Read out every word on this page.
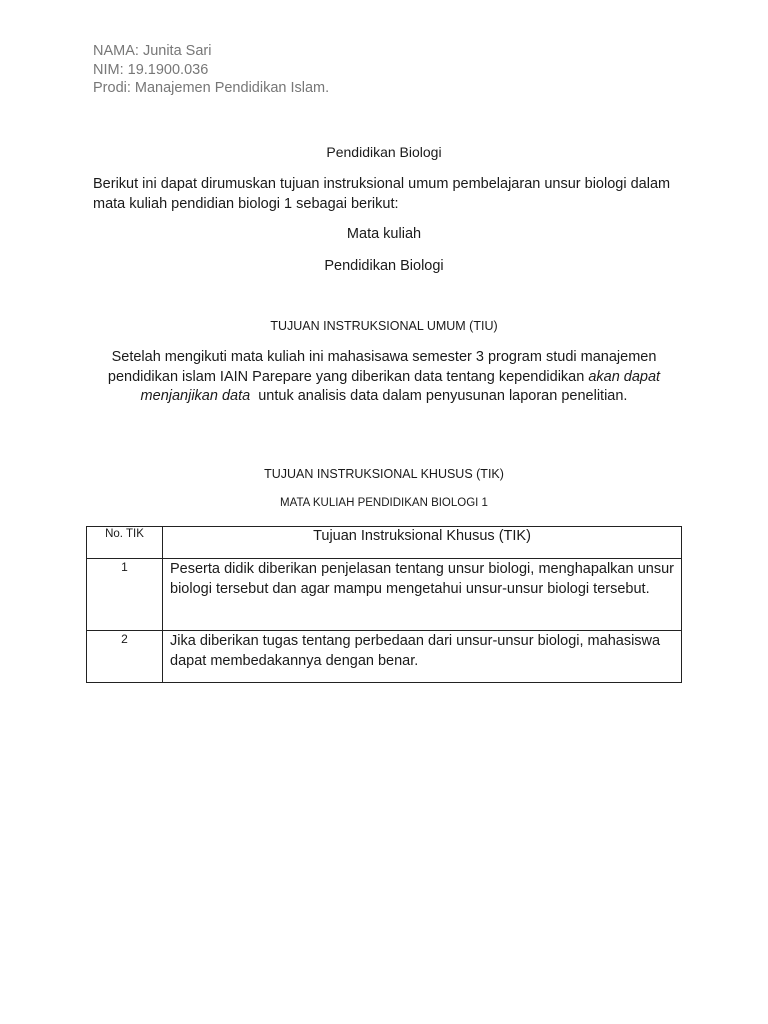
NAMA: Junita Sari
NIM: 19.1900.036
Prodi: Manajemen Pendidikan Islam.
Pendidikan Biologi
Berikut ini dapat dirumuskan tujuan instruksional umum pembelajaran unsur biologi dalam mata kuliah pendidian biologi 1 sebagai berikut:
Mata kuliah
Pendidikan Biologi
TUJUAN INSTRUKSIONAL UMUM (TIU)
Setelah mengikuti mata kuliah ini mahasisawa semester 3 program studi manajemen pendidikan islam IAIN Parepare yang diberikan data tentang kependidikan akan dapat menjanjikan data  untuk analisis data dalam penyusunan laporan penelitian.
TUJUAN INSTRUKSIONAL KHUSUS (TIK)
MATA KULIAH PENDIDIKAN BIOLOGI 1
No. TIK	Tujuan Instruksional Khusus (TIK)
1	Peserta didik diberikan penjelasan tentang unsur biologi, menghapalkan unsur biologi tersebut dan agar mampu mengetahui unsur-unsur biologi tersebut.
2	Jika diberikan tugas tentang perbedaan dari unsur-unsur biologi, mahasiswa dapat membedakannya dengan benar.
